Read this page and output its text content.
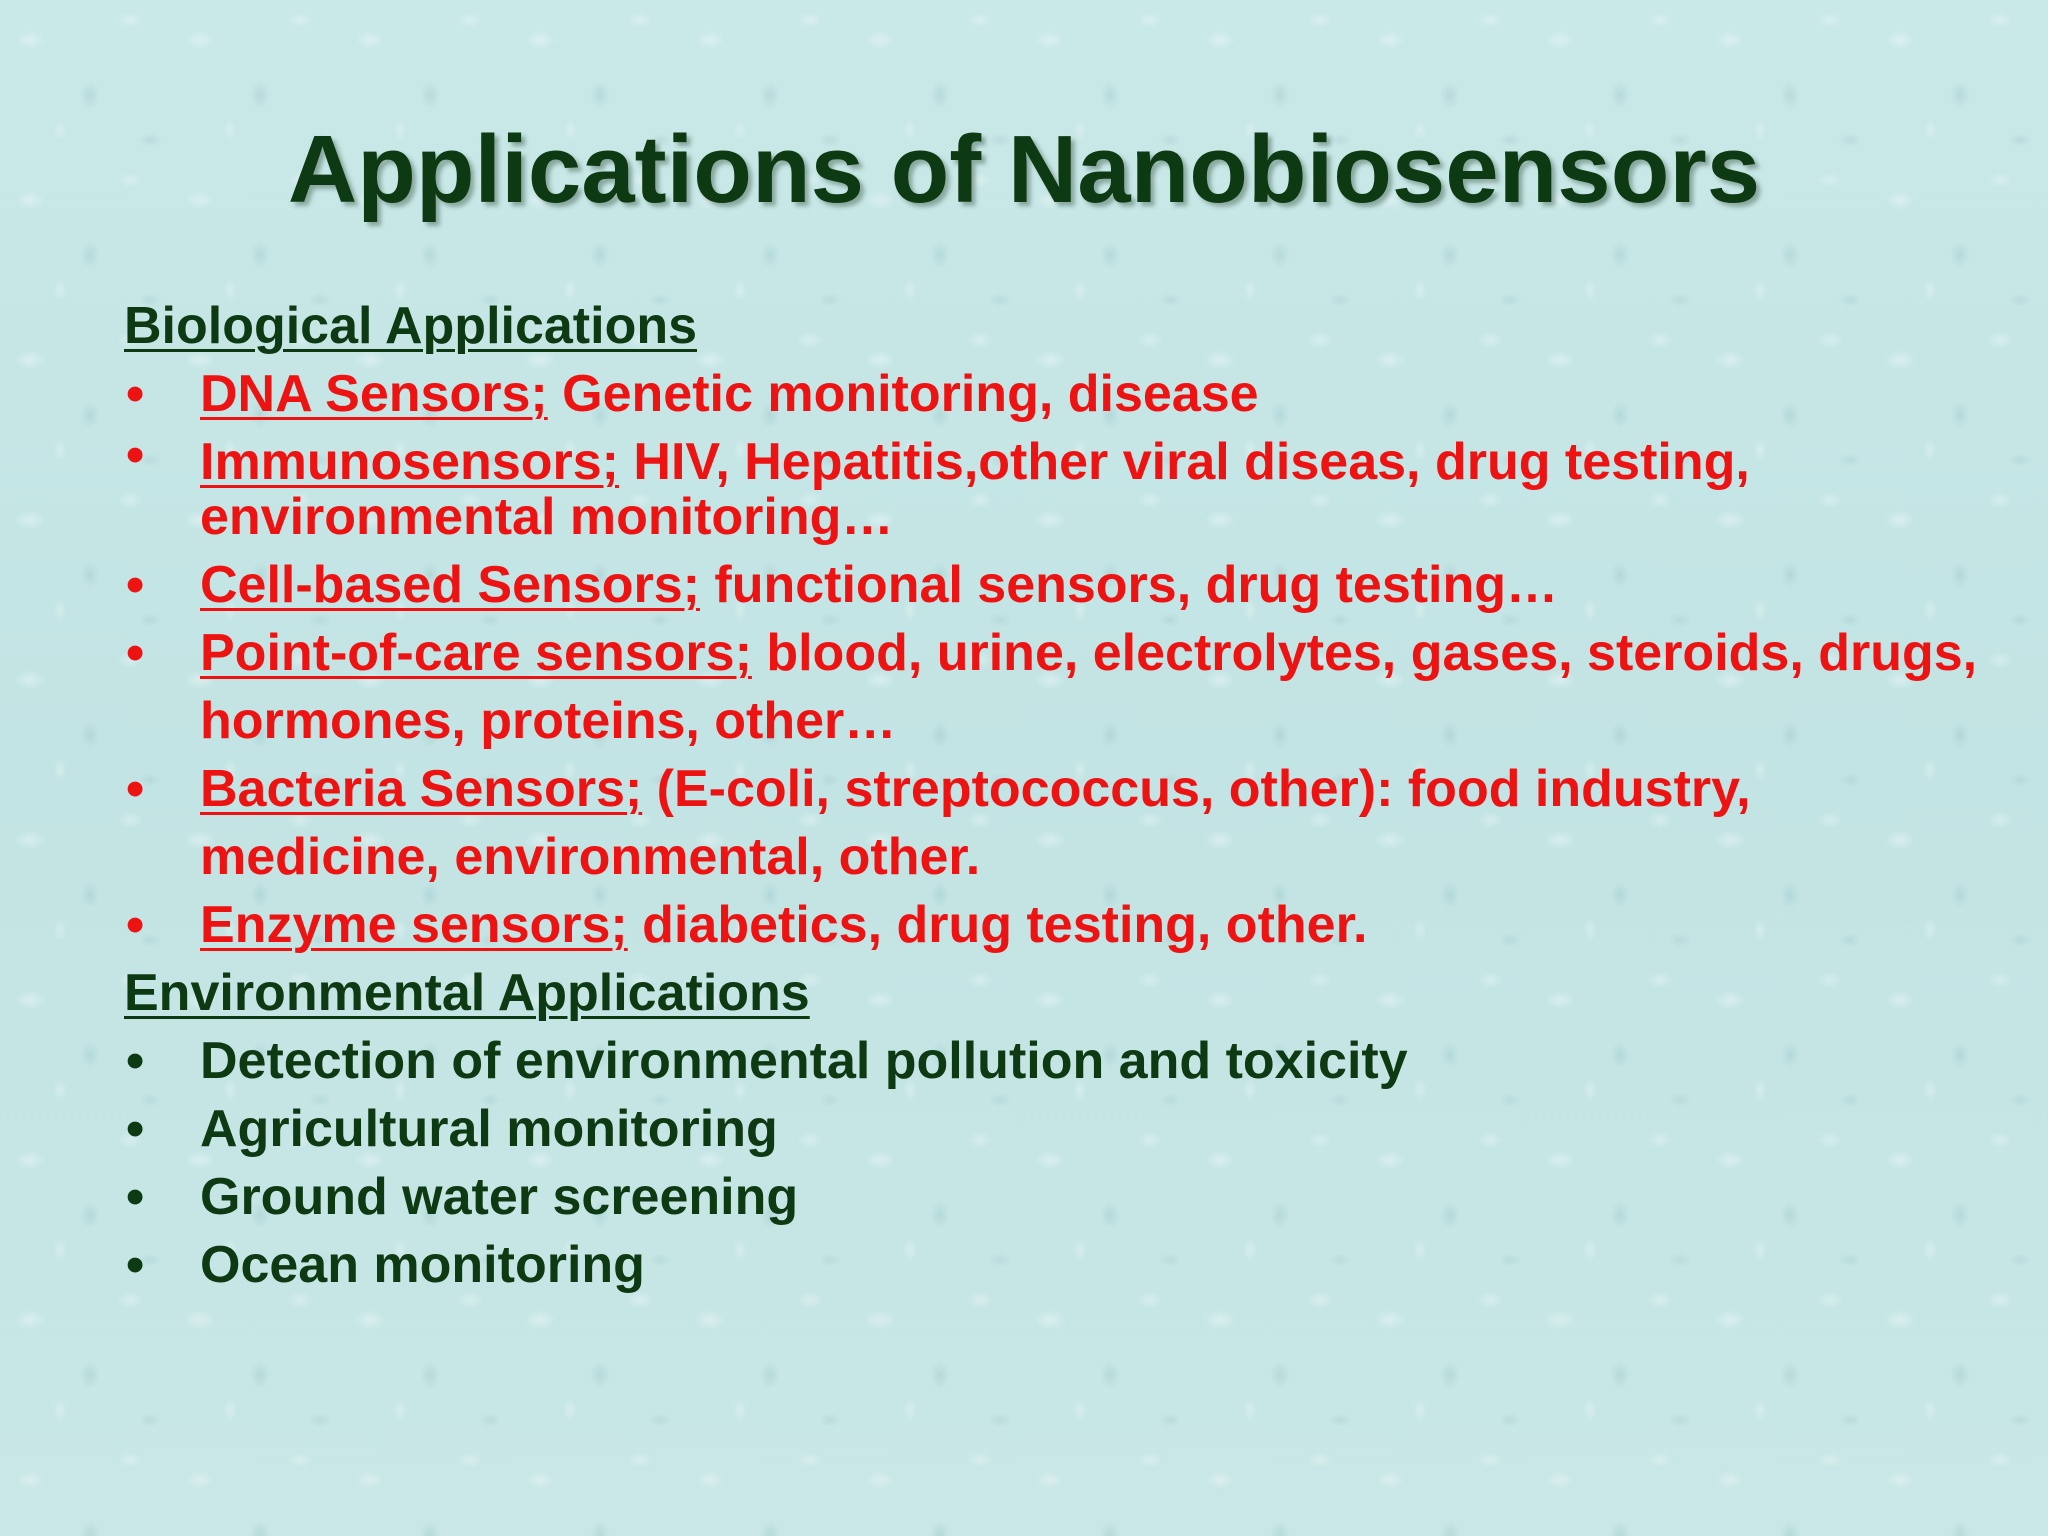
Applications of Nanobiosensors
Biological Applications
•	DNA Sensors; Genetic monitoring, disease
•	Immunosensors; HIV, Hepatitis,other viral diseas, drug testing, environmental monitoring…
•	Cell-based Sensors; functional sensors, drug testing…
•	Point-of-care sensors; blood, urine, electrolytes, gases, steroids, drugs, hormones, proteins, other…
•	Bacteria Sensors; (E-coli, streptococcus, other): food industry, medicine, environmental, other.
•	Enzyme sensors; diabetics, drug testing, other.
Environmental Applications
•	Detection of environmental pollution and toxicity
•	Agricultural monitoring
•	Ground water screening
•	Ocean monitoring
